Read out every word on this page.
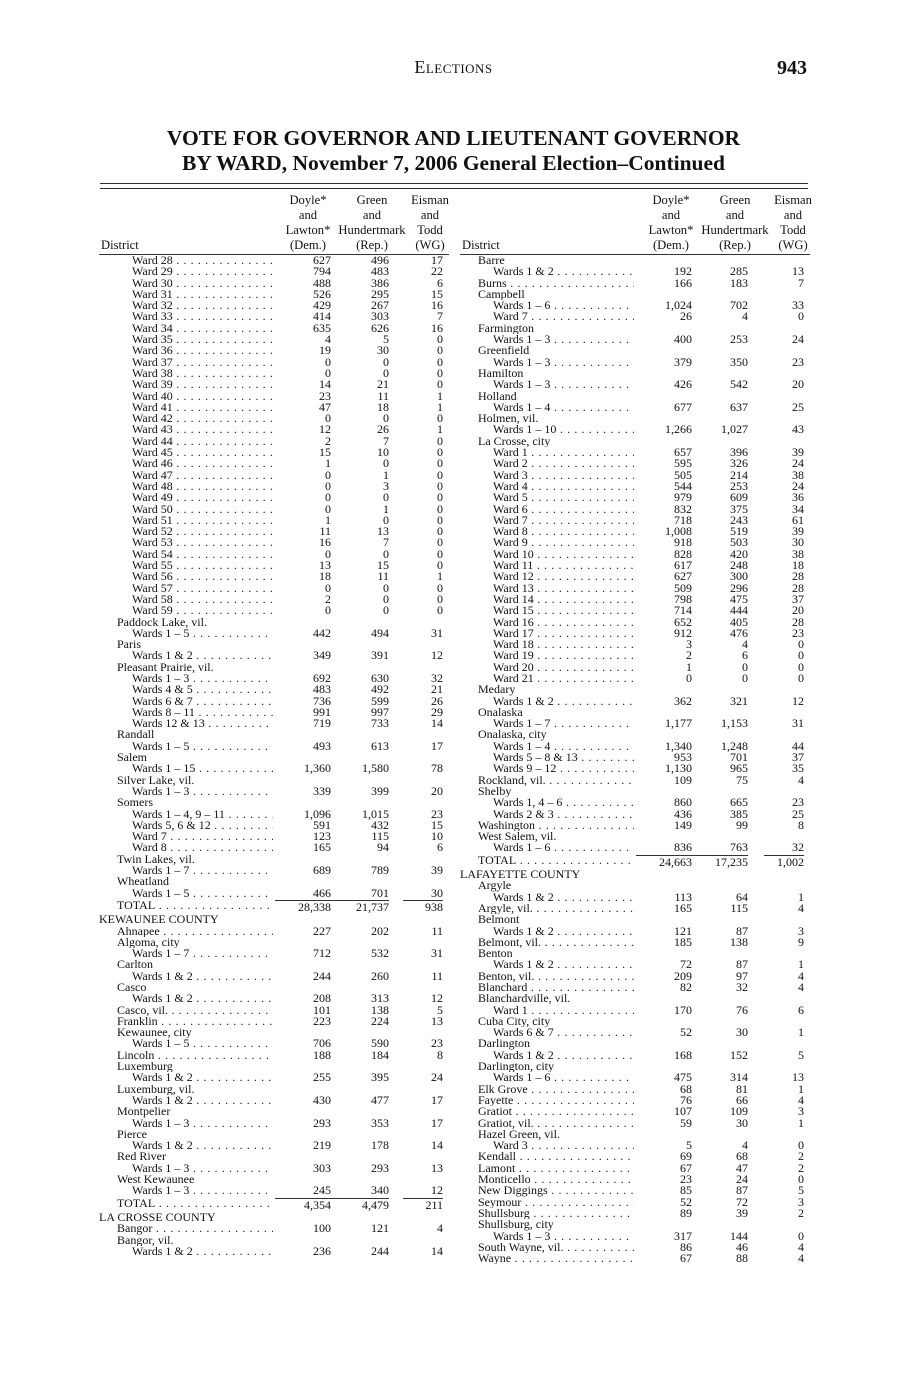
Elections	943
VOTE FOR GOVERNOR AND LIEUTENANT GOVERNOR
BY WARD, November 7, 2006 General Election–Continued
District
Doyle*
and
Lawton*
(Dem.)
Green
and
Hundertmark
(Rep.)
Eisman
and
Todd
(WG)
Ward 28 . . .	627	496	17
Ward 29 . . .	794	483	22
Ward 30 . . .	488	386	6
Ward 31 . . .	526	295	15
Ward 32 . . .	429	267	16
Ward 33 . . .	414	303	7
Ward 34 . . .	635	626	16
Ward 35 . . .	4	5	0
Ward 36 . . .	19	30	0
Ward 37 . . .	0	0	0
Ward 38 . . .	0	0	0
Ward 39 . . .	14	21	0
Ward 40 . . .	23	11	1
Ward 41 . . .	47	18	1
Ward 42 . . .	0	0	0
Ward 43 . . .	12	26	1
Ward 44 . . .	2	7	0
Ward 45 . . .	15	10	0
Ward 46 . . .	1	0	0
Ward 47 . . .	0	1	0
Ward 48 . . .	0	3	0
Ward 49 . . .	0	0	0
Ward 50 . . .	0	1	0
Ward 51 . . .	1	0	0
Ward 52 . . .	11	13	0
Ward 53 . . .	16	7	0
Ward 54 . . .	0	0	0
Ward 55 . . .	13	15	0
Ward 56 . . .	18	11	1
Ward 57 . . .	0	0	0
Ward 58 . . .	2	0	0
Ward 59 . . .	0	0	0
Paddock Lake, vil.
Wards 1 – 5 . . .	442	494	31
Paris
Wards 1 & 2 . . .	349	391	12
Pleasant Prairie, vil.
Wards 1 – 3 . . .	692	630	32
Wards 4 & 5 . . .	483	492	21
Wards 6 & 7 . . .	736	599	26
Wards 8 – 11 . . .	991	997	29
Wards 12 & 13 . . .	719	733	14
Randall
Wards 1 – 5 . . .	493	613	17
Salem
Wards 1 – 15 . . .	1,360	1,580	78
Silver Lake, vil.
Wards 1 – 3 . . .	339	399	20
Somers
Wards 1 – 4, 9 – 11 . . .	1,096	1,015	23
Wards 5, 6 & 12 . . .	591	432	15
Ward 7 . . .	123	115	10
Ward 8 . . .	165	94	6
Twin Lakes, vil.
Wards 1 – 7 . . .	689	789	39
Wheatland
Wards 1 – 5 . . .	466	701	30
TOTAL . . .	28,338	21,737	938
KEWAUNEE COUNTY
Ahnapee . . .	227	202	11
Algoma, city
Wards 1 – 7 . . .	712	532	31
Carlton
Wards 1 & 2 . . .	244	260	11
Casco
Wards 1 & 2 . . .	208	313	12
Casco, vil. . . .	101	138	5
Franklin . . .	223	224	13
Kewaunee, city
Wards 1 – 5 . . .	706	590	23
Lincoln . . .	188	184	8
Luxemburg
Wards 1 & 2 . . .	255	395	24
Luxemburg, vil.
Wards 1 & 2 . . .	430	477	17
Montpelier
Wards 1 – 3 . . .	293	353	17
Pierce
Wards 1 & 2 . . .	219	178	14
Red River
Wards 1 – 3 . . .	303	293	13
West Kewaunee
Wards 1 – 3 . . .	245	340	12
TOTAL . . .	4,354	4,479	211
LA CROSSE COUNTY
Bangor . . .	100	121	4
Bangor, vil.
Wards 1 & 2 . . .	236	244	14
District
Doyle*
and
Lawton*
(Dem.)
Green
and
Hundertmark
(Rep.)
Eisman
and
Todd
(WG)
Barre
Wards 1 & 2 . . .	192	285	13
Burns . . .	166	183	7
Campbell
Wards 1 – 6 . . .	1,024	702	33
Ward 7 . . .	26	4	0
Farmington
Wards 1 – 3 . . .	400	253	24
Greenfield
Wards 1 – 3 . . .	379	350	23
Hamilton
Wards 1 – 3 . . .	426	542	20
Holland
Wards 1 – 4 . . .	677	637	25
Holmen, vil.
Wards 1 – 10 . . .	1,266	1,027	43
La Crosse, city
Ward 1 . . .	657	396	39
Ward 2 . . .	595	326	24
Ward 3 . . .	505	214	38
Ward 4 . . .	544	253	24
Ward 5 . . .	979	609	36
Ward 6 . . .	832	375	34
Ward 7 . . .	718	243	61
Ward 8 . . .	1,008	519	39
Ward 9 . . .	918	503	30
Ward 10 . . .	828	420	38
Ward 11 . . .	617	248	18
Ward 12 . . .	627	300	28
Ward 13 . . .	509	296	28
Ward 14 . . .	798	475	37
Ward 15 . . .	714	444	20
Ward 16 . . .	652	405	28
Ward 17 . . .	912	476	23
Ward 18 . . .	3	4	0
Ward 19 . . .	2	6	0
Ward 20 . . .	1	0	0
Ward 21 . . .	0	0	0
Medary
Wards 1 & 2 . . .	362	321	12
Onalaska
Wards 1 – 7 . . .	1,177	1,153	31
Onalaska, city
Wards 1 – 4 . . .	1,340	1,248	44
Wards 5 – 8 & 13 . . .	953	701	37
Wards 9 – 12 . . .	1,130	965	35
Rockland, vil. . . .	109	75	4
Shelby
Wards 1, 4 – 6 . . .	860	665	23
Wards 2 & 3 . . .	436	385	25
Washington . . .	149	99	8
West Salem, vil.
Wards 1 – 6 . . .	836	763	32
TOTAL . . .	24,663	17,235	1,002
LAFAYETTE COUNTY
Argyle
Wards 1 & 2 . . .	113	64	1
Argyle, vil. . . .	165	115	4
Belmont
Wards 1 & 2 . . .	121	87	3
Belmont, vil. . . .	185	138	9
Benton
Wards 1 & 2 . . .	72	87	1
Benton, vil. . . .	209	97	4
Blanchard . . .	82	32	4
Blanchardville, vil.
Ward 1 . . .	170	76	6
Cuba City, city
Wards 6 & 7 . . .	52	30	1
Darlington
Wards 1 & 2 . . .	168	152	5
Darlington, city
Wards 1 – 6 . . .	475	314	13
Elk Grove . . .	68	81	1
Fayette . . .	76	66	4
Gratiot . . .	107	109	3
Gratiot, vil. . . .	59	30	1
Hazel Green, vil.
Ward 3 . . .	5	4	0
Kendall . . .	69	68	2
Lamont . . .	67	47	2
Monticello . . .	23	24	0
New Diggings . . .	85	87	5
Seymour . . .	52	72	3
Shullsburg . . .	89	39	2
Shullsburg, city
Wards 1 – 3 . . .	317	144	0
South Wayne, vil. . . .	86	46	4
Wayne . . .	67	88	4
